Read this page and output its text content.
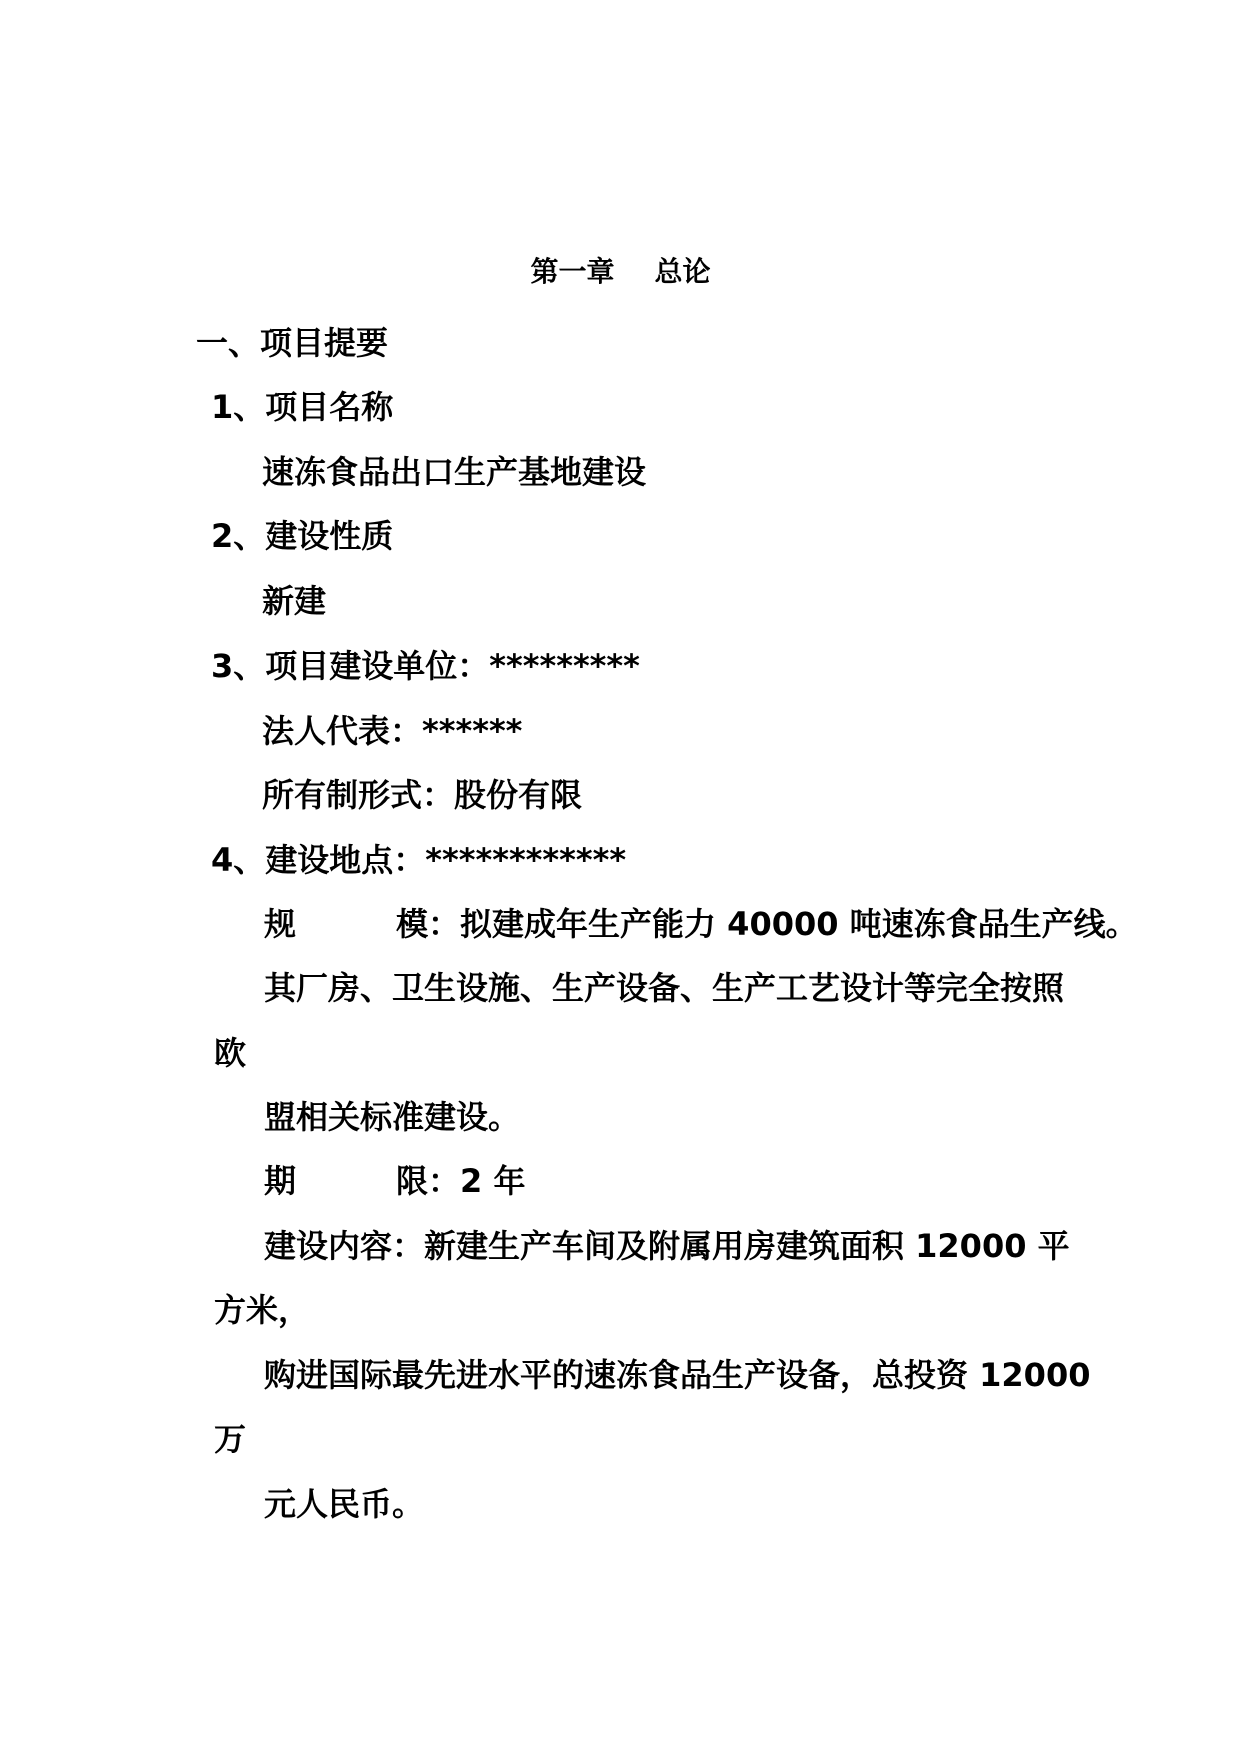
第一章 总论
一、项目提要
1、项目名称
速冻食品出口生产基地建设
2、建设性质
新建
3、项目建设单位：*********
法人代表：******
所有制形式：股份有限
4、建设地点：************
规	模：拟建成年生产能力 40000 吨速冻食品生产线。
其厂房、卫生设施、生产设备、生产工艺设计等完全按照
欧
盟相关标准建设。
期	限：2 年
建设内容：新建生产车间及附属用房建筑面积 12000 平
方米，
购进国际最先进水平的速冻食品生产设备，总投资 12000
万
元人民币。
